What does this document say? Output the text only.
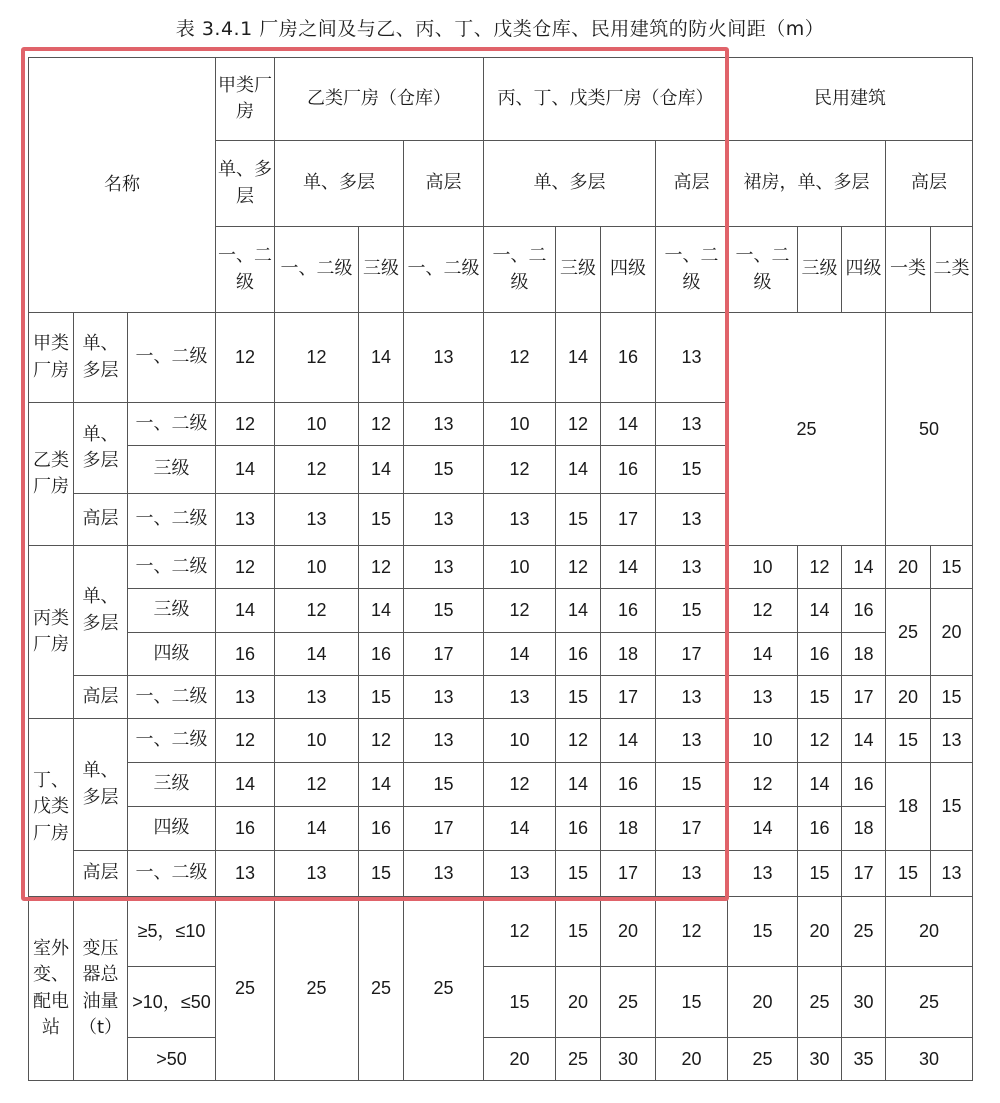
表 3.4.1 厂房之间及与乙、丙、丁、戊类仓库、民用建筑的防火间距（m）
名称			甲类厂房	乙类厂房（仓库）			丙、丁、戊类厂房（仓库）				民用建筑				
			单、多层	单、多层		高层	单、多层			高层	裙房，单、多层			高层	
			一、二级	一、二级	三级	一、二级	一、二级	三级	四级	一、二级	一、二级	三级	四级	一类	二类
甲类厂房	单、多层	一、二级	12	12	14	13	12	14	16	13	25			50	
乙类厂房	单、多层	一、二级	12	10	12	13	10	12	14	13					
		三级	14	12	14	15	12	14	16	15					
	高层	一、二级	13	13	15	13	13	15	17	13					
丙类厂房	单、多层	一、二级	12	10	12	13	10	12	14	13	10	12	14	20	15
		三级	14	12	14	15	12	14	16	15	12	14	16	25	20
		四级	16	14	16	17	14	16	18	17	14	16	18		
	高层	一、二级	13	13	15	13	13	15	17	13	13	15	17	20	15
丁、戊类厂房	单、多层	一、二级	12	10	12	13	10	12	14	13	10	12	14	15	13
		三级	14	12	14	15	12	14	16	15	12	14	16	18	15
		四级	16	14	16	17	14	16	18	17	14	16	18		
	高层	一、二级	13	13	15	13	13	15	17	13	13	15	17	15	13
室外变、配电站	变压器总油量（t）	≥5，≤10	25	25	25	25	12	15	20	12	15	20	25	20	
		>10，≤50					15	20	25	15	20	25	30	25	
		>50					20	25	30	20	25	30	35	30	
